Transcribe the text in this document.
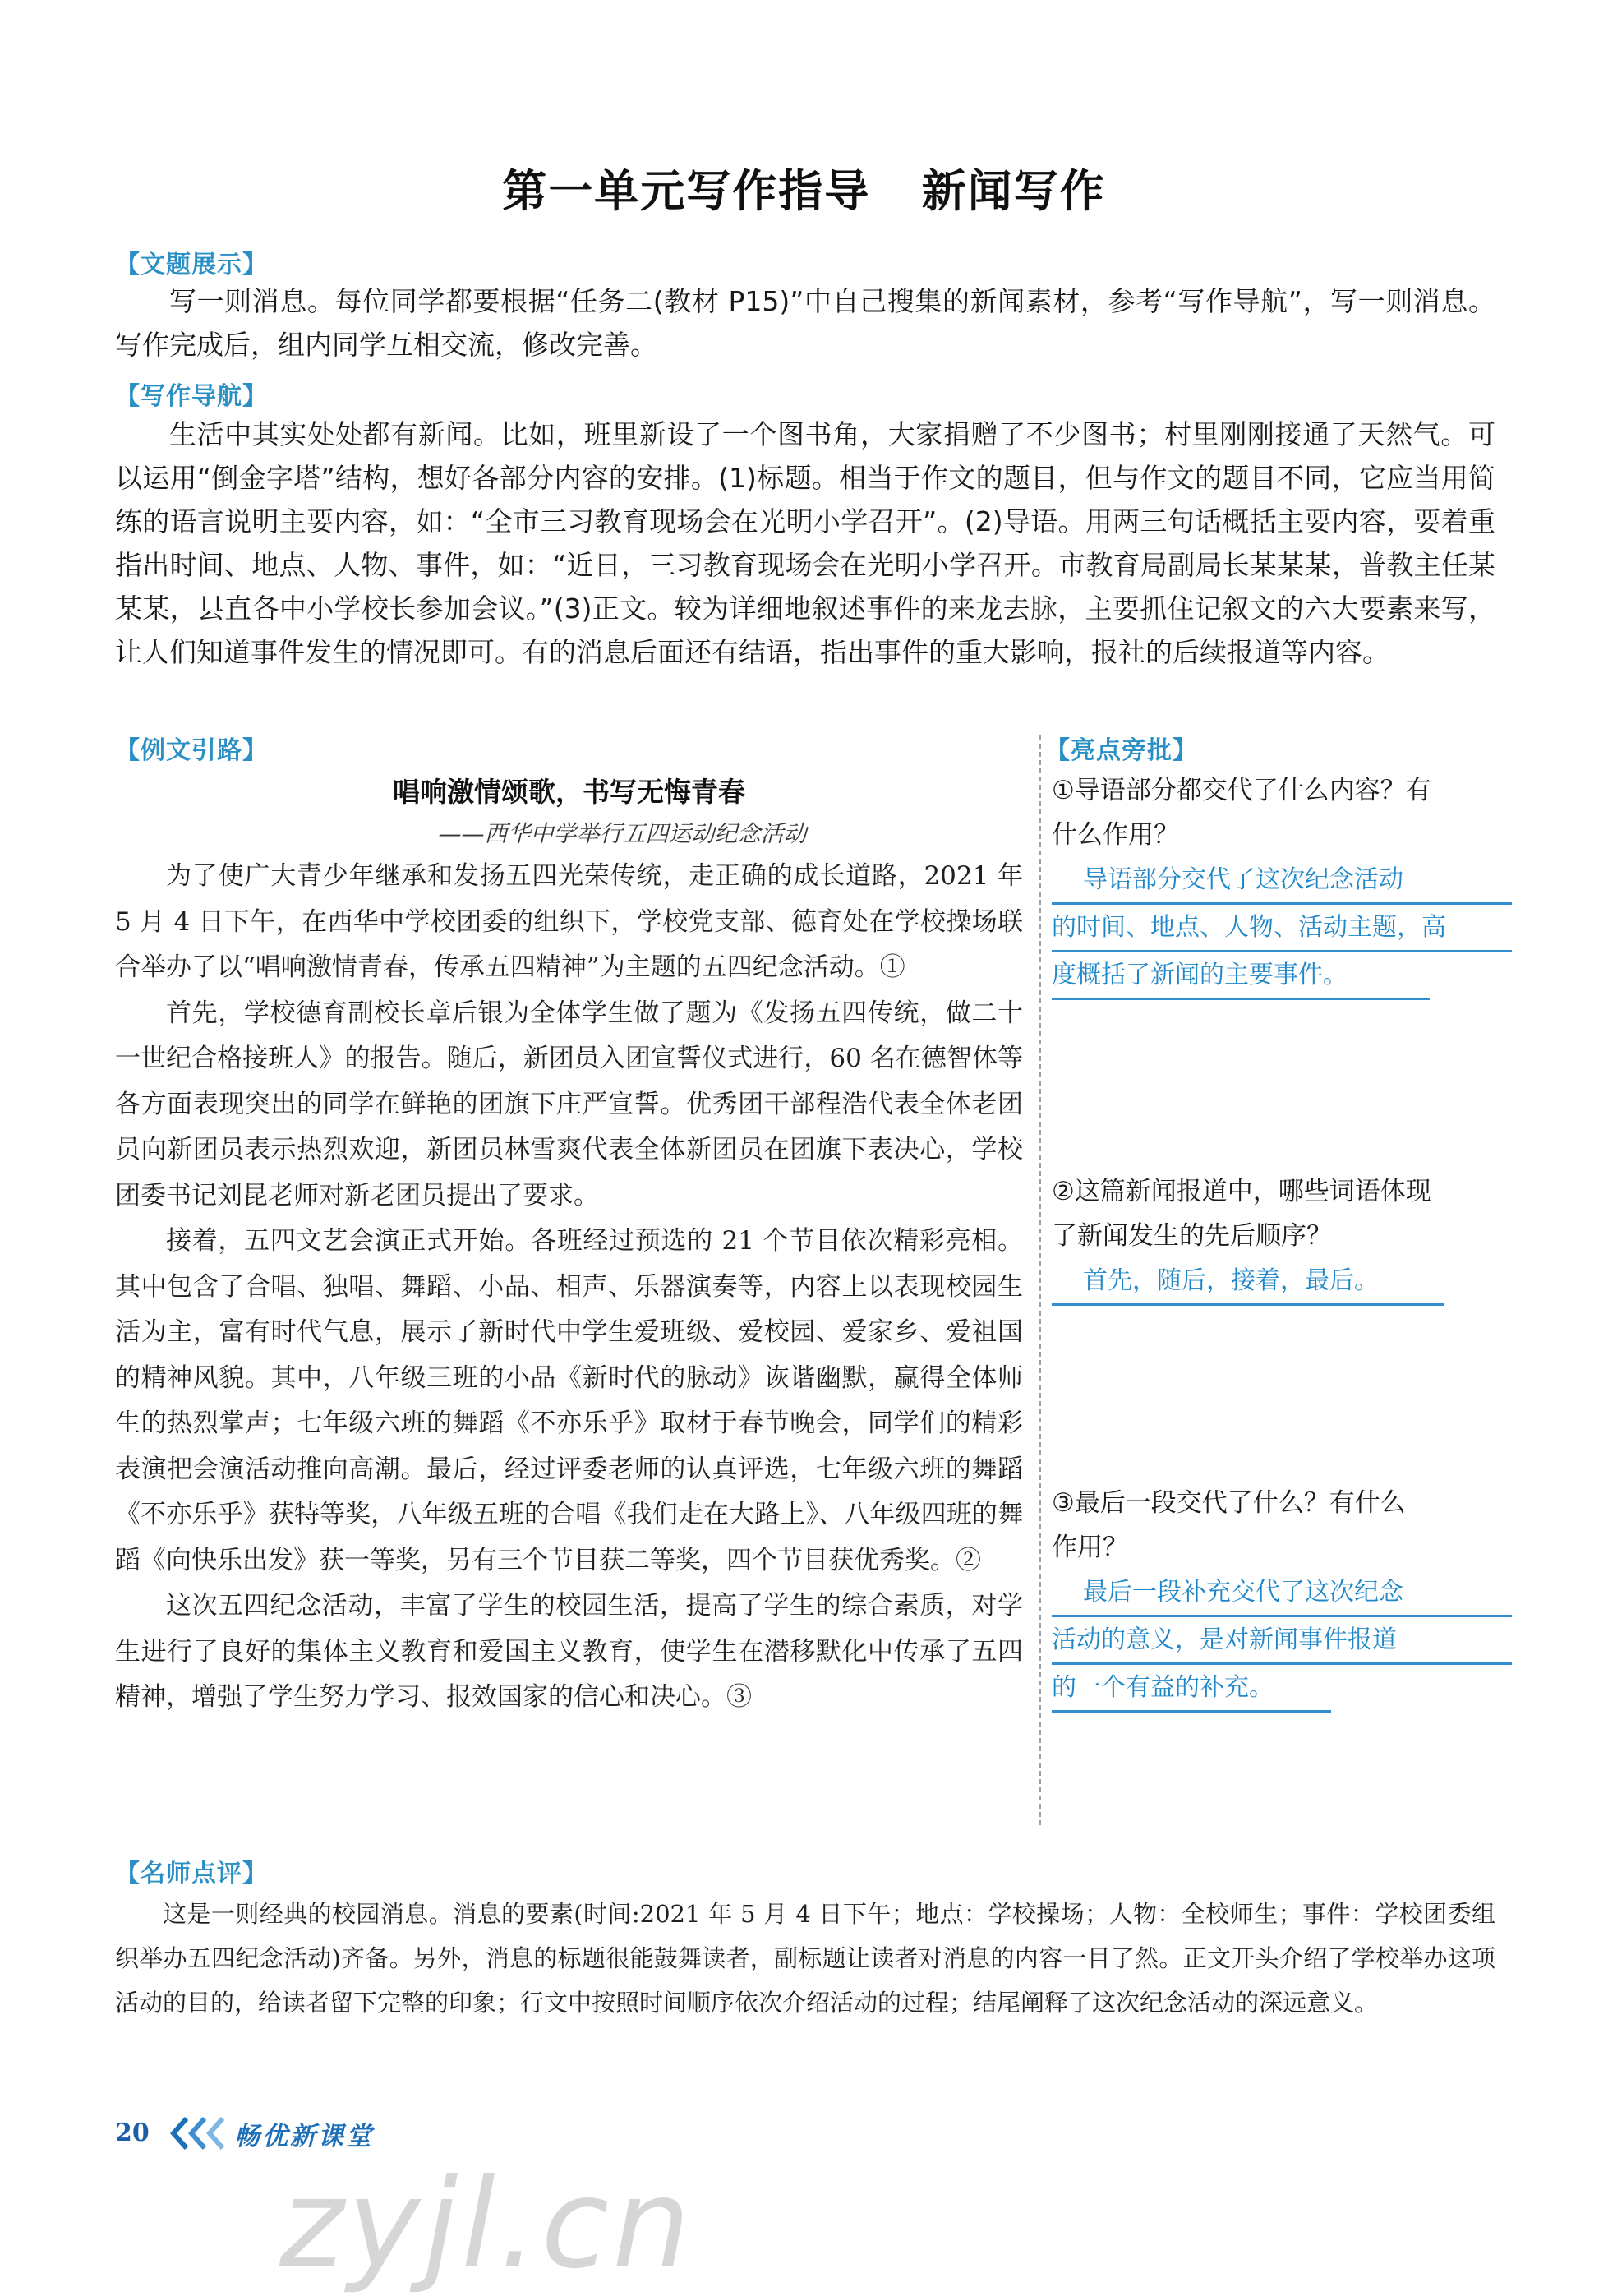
第一单元写作指导   新闻写作
【文题展示】

写一则消息。每位同学都要根据“任务二(教材 P15)”中自己搜集的新闻素材，参考“写作导航”，写一则消息。写作完成后，组内同学互相交流，修改完善。

【写作导航】

生活中其实处处都有新闻。比如，班里新设了一个图书角，大家捐赠了不少图书；村里刚刚接通了天然气。可以运用“倒金字塔”结构，想好各部分内容的安排。(1)标题。相当于作文的题目，但与作文的题目不同，它应当用简练的语言说明主要内容，如：“全市三习教育现场会在光明小学召开”。(2)导语。用两三句话概括主要内容，要着重指出时间、地点、人物、事件，如：“近日，三习教育现场会在光明小学召开。市教育局副局长某某某，普教主任某某某，县直各中小学校长参加会议。”(3)正文。较为详细地叙述事件的来龙去脉，主要抓住记叙文的六大要素来写，让人们知道事件发生的情况即可。有的消息后面还有结语，指出事件的重大影响，报社的后续报道等内容。

【例文引路】
唱响激情颂歌，书写无悔青春
——西华中学举行五四运动纪念活动

为了使广大青少年继承和发扬五四光荣传统，走正确的成长道路，2021 年 5 月 4 日下午，在西华中学校团委的组织下，学校党支部、德育处在学校操场联合举办了以“唱响激情青春，传承五四精神”为主题的五四纪念活动。①

首先，学校德育副校长章后银为全体学生做了题为《发扬五四传统，做二十一世纪合格接班人》的报告。随后，新团员入团宣誓仪式进行，60 名在德智体等各方面表现突出的同学在鲜艳的团旗下庄严宣誓。优秀团干部程浩代表全体老团员向新团员表示热烈欢迎，新团员林雪爽代表全体新团员在团旗下表决心，学校团委书记刘昆老师对新老团员提出了要求。

接着，五四文艺会演正式开始。各班经过预选的 21 个节目依次精彩亮相。其中包含了合唱、独唱、舞蹈、小品、相声、乐器演奏等，内容上以表现校园生活为主，富有时代气息，展示了新时代中学生爱班级、爱校园、爱家乡、爱祖国的精神风貌。其中，八年级三班的小品《新时代的脉动》诙谐幽默，赢得全体师生的热烈掌声；七年级六班的舞蹈《不亦乐乎》取材于春节晚会，同学们的精彩表演把会演活动推向高潮。最后，经过评委老师的认真评选，七年级六班的舞蹈《不亦乐乎》获特等奖，八年级五班的合唱《我们走在大路上》、八年级四班的舞蹈《向快乐出发》获一等奖，另有三个节目获二等奖，四个节目获优秀奖。②

这次五四纪念活动，丰富了学生的校园生活，提高了学生的综合素质，对学生进行了良好的集体主义教育和爱国主义教育，使学生在潜移默化中传承了五四精神，增强了学生努力学习、报效国家的信心和决心。③

【亮点旁批】
①导语部分都交代了什么内容？有
什么作用？
导语部分交代了这次纪念活动
的时间、地点、人物、活动主题，高
度概括了新闻的主要事件。
②这篇新闻报道中，哪些词语体现
了新闻发生的先后顺序？
首先，随后，接着，最后。
③最后一段交代了什么？有什么
作用？
最后一段补充交代了这次纪念
活动的意义，是对新闻事件报道
的一个有益的补充。
【名师点评】

这是一则经典的校园消息。消息的要素(时间:2021 年 5 月 4 日下午；地点：学校操场；人物：全校师生；事件：学校团委组织举办五四纪念活动)齐备。另外，消息的标题很能鼓舞读者，副标题让读者对消息的内容一目了然。正文开头介绍了学校举办这项活动的目的，给读者留下完整的印象；行文中按照时间顺序依次介绍活动的过程；结尾阐释了这次纪念活动的深远意义。

20	畅优新课堂
zyjl.cn
